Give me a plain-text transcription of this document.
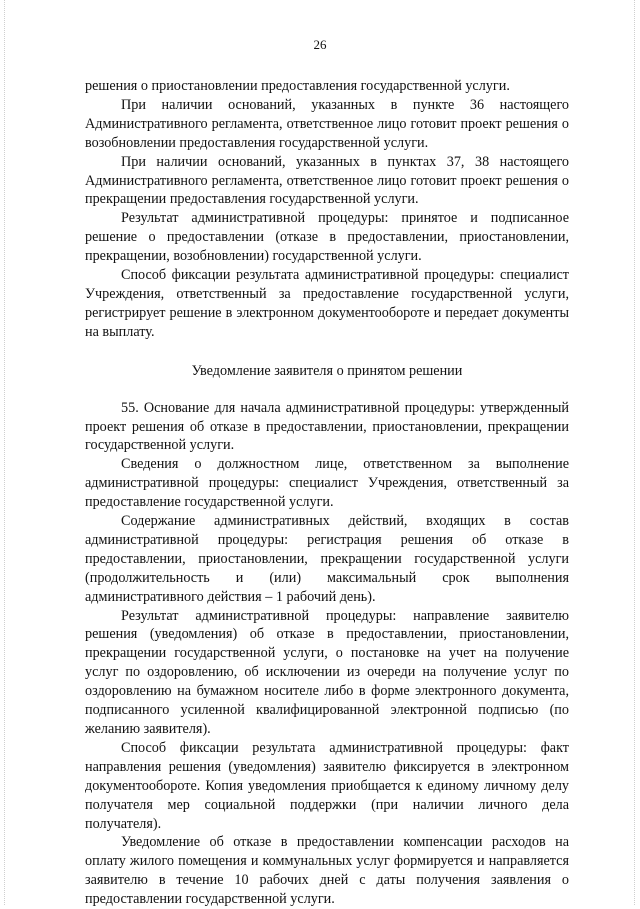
26

решения о приостановлении предоставления государственной услуги.

При наличии оснований, указанных в пункте 36 настоящего Административного регламента, ответственное лицо готовит проект решения о возобновлении предоставления государственной услуги.

При наличии оснований, указанных в пунктах 37, 38 настоящего Административного регламента, ответственное лицо готовит проект решения о прекращении предоставления государственной услуги.

Результат административной процедуры: принятое и подписанное решение о предоставлении (отказе в предоставлении, приостановлении, прекращении, возобновлении) государственной услуги.

Способ фиксации результата административной процедуры: специалист Учреждения, ответственный за предоставление государственной услуги, регистрирует решение в электронном документообороте и передает документы на выплату.

Уведомление заявителя о принятом решении

55. Основание для начала административной процедуры: утвержденный проект решения об отказе в предоставлении, приостановлении, прекращении государственной услуги.

Сведения о должностном лице, ответственном за выполнение административной процедуры: специалист Учреждения, ответственный за предоставление государственной услуги.

Содержание административных действий, входящих в состав административной процедуры: регистрация решения об отказе в предоставлении, приостановлении, прекращении государственной услуги (продолжительность и (или) максимальный срок выполнения административного действия – 1 рабочий день).

Результат административной процедуры: направление заявителю решения (уведомления) об отказе в предоставлении, приостановлении, прекращении государственной услуги, о постановке на учет на получение услуг по оздоровлению, об исключении из очереди на получение услуг по оздоровлению на бумажном носителе либо в форме электронного документа, подписанного усиленной квалифицированной электронной подписью (по желанию заявителя).

Способ фиксации результата административной процедуры: факт направления решения (уведомления) заявителю фиксируется в электронном документообороте. Копия уведомления приобщается к единому личному делу получателя мер социальной поддержки (при наличии личного дела получателя).

Уведомление об отказе в предоставлении компенсации расходов на оплату жилого помещения и коммунальных услуг формируется и направляется заявителю в течение 10 рабочих дней с даты получения заявления о предоставлении государственной услуги.
